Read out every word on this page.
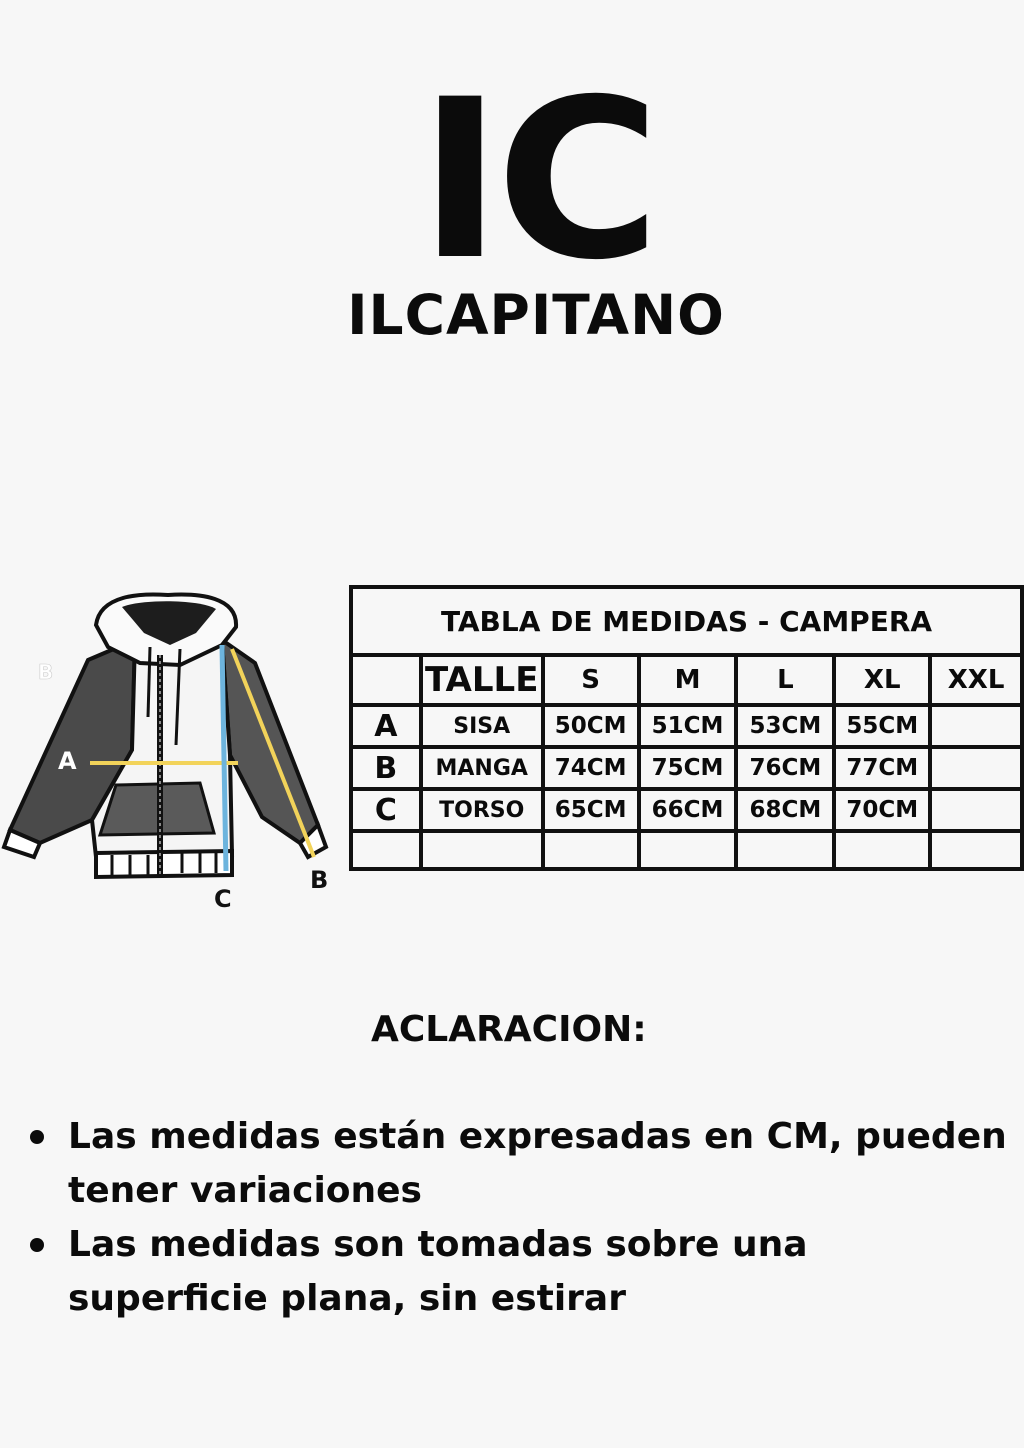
IC
ILCAPITANO
B
A
C
B
TABLA DE MEDIDAS - CAMPERA						
	TALLE	S	M	L	XL	XXL
A	SISA	50CM	51CM	53CM	55CM	
B	MANGA	74CM	75CM	76CM	77CM	
C	TORSO	65CM	66CM	68CM	70CM	

ACLARACION:
Las medidas están expresadas en CM, pueden tener variaciones
Las medidas son tomadas sobre una superficie plana, sin estirar
